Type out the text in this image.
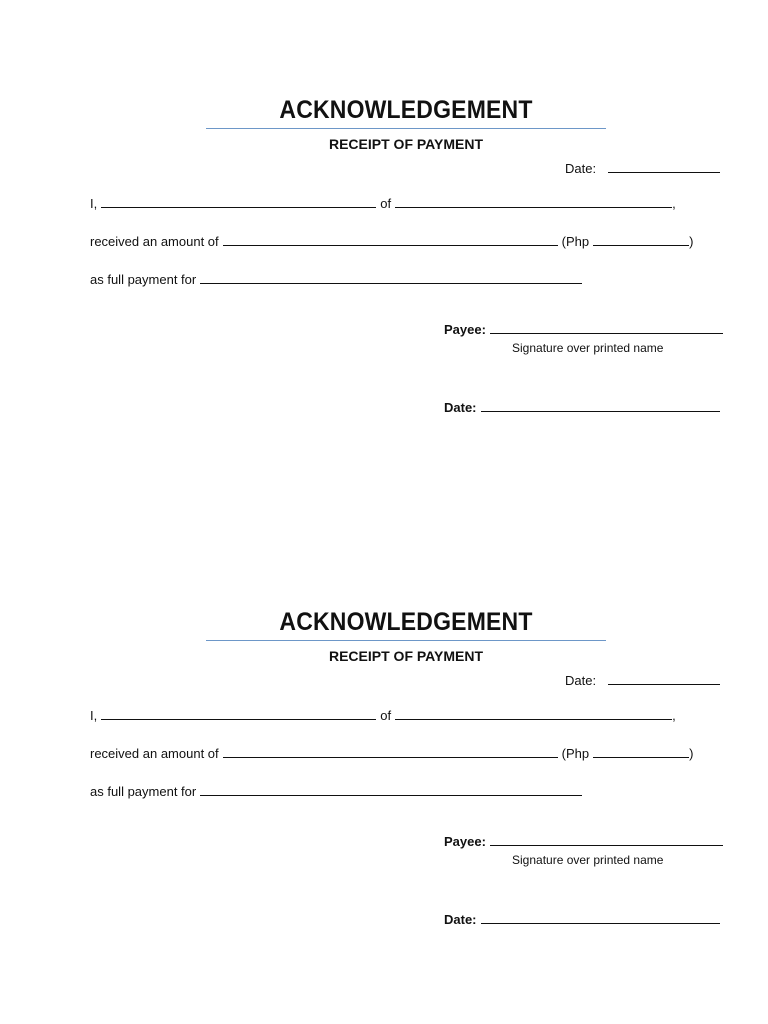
ACKNOWLEDGEMENT
RECEIPT OF PAYMENT
Date:
I,	of	,
received an amount of	(Php	)
as full payment for
Payee:
Signature over printed name
Date:
ACKNOWLEDGEMENT
RECEIPT OF PAYMENT
Date:
I,	of	,
received an amount of	(Php	)
as full payment for
Payee:
Signature over printed name
Date:
